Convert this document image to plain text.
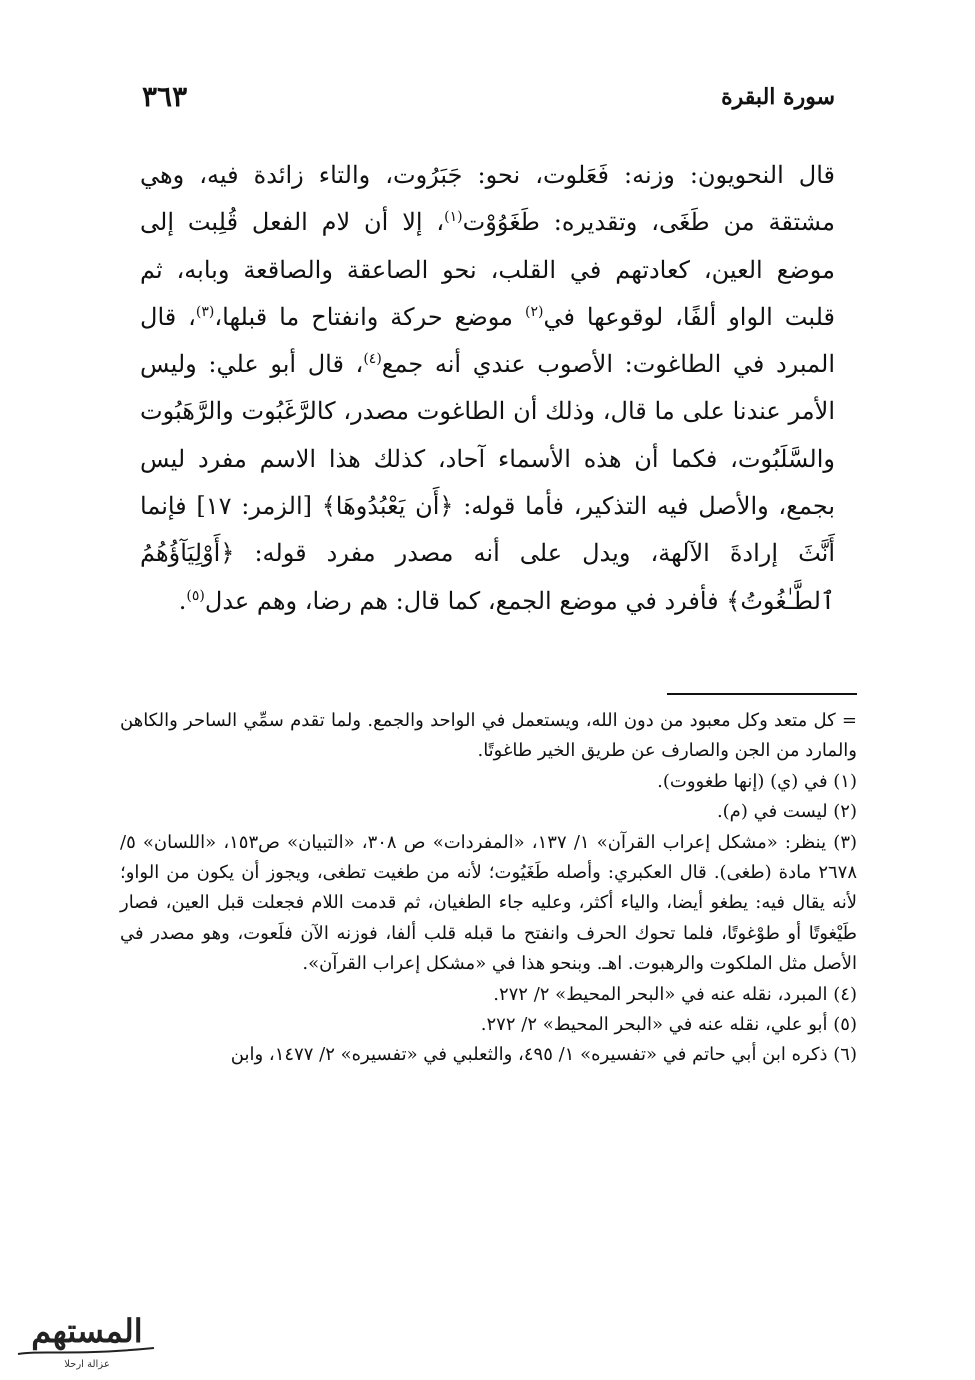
سورة البقرة
٣٦٣

قال النحويون: وزنه: فَعَلوت، نحو: جَبَرُوت، والتاء زائدة فيه، وهي مشتقة من طَغَى، وتقديره: طَغَوُوْت$^{(١)}$، إلا أن لام الفعل قُلِبت إلى موضع العين، كعادتهم في القلب، نحو الصاعقة والصاقعة وبابه، ثم قلبت الواو ألفًا، لوقوعها في$^{(٢)}$ موضع حركة وانفتاح ما قبلها،$^{(٣)}$، قال المبرد في الطاغوت: الأصوب عندي أنه جمع$^{(٤)}$، قال أبو علي: وليس الأمر عندنا على ما قال، وذلك أن الطاغوت مصدر، كالرَّغَبُوت والرَّهَبُوت والسَّلَبُوت، فكما أن هذه الأسماء آحاد، كذلك هذا الاسم مفرد ليس بجمع، والأصل فيه التذكير، فأما قوله: ﴿أَن يَعْبُدُوهَا﴾ [الزمر: ١٧] فإنما أَنَّثَ إرادةَ الآلهة، ويدل على أنه مصدر مفرد قوله: ﴿أَوْلِيَآؤُهُمُ ٱلطَّـٰغُوتُ﴾ فأفرد في موضع الجمع، كما قال: هم رضا، وهم عدل$^{(٥)}$.

= كل متعد وكل معبود من دون الله، ويستعمل في الواحد والجمع. ولما تقدم سمِّي الساحر والكاهن والمارد من الجن والصارف عن طريق الخير طاغوتًا.

(١) في (ي) (إنها طغووت).

(٢) ليست في (م).

(٣) ينظر: «مشكل إعراب القرآن» ١/ ١٣٧، «المفردات» ص ٣٠٨، «التبيان» ص١٥٣، «اللسان» ٥/ ٢٦٧٨ مادة (طغى). قال العكبري: وأصله طَغَيُوت؛ لأنه من طغيت تطغى، ويجوز أن يكون من الواو؛ لأنه يقال فيه: يطغو أيضا، والياء أكثر، وعليه جاء الطغيان، ثم قدمت اللام فجعلت قبل العين، فصار طَيْغوتًا أو طوْغوتًا، فلما تحوك الحرف وانفتح ما قبله قلب ألفا، فوزنه الآن فلَعوت، وهو مصدر في الأصل مثل الملكوت والرهبوت. اهـ. وبنحو هذا في «مشكل إعراب القرآن».

(٤) المبرد، نقله عنه في «البحر المحيط» ٢/ ٢٧٢.

(٥) أبو علي، نقله عنه في «البحر المحيط» ٢/ ٢٧٢.

(٦) ذكره ابن أبي حاتم في «تفسيره» ١/ ٤٩٥، والثعلبي في «تفسيره» ٢/ ١٤٧٧، وابن

المستهم
عزالة ارحلا
